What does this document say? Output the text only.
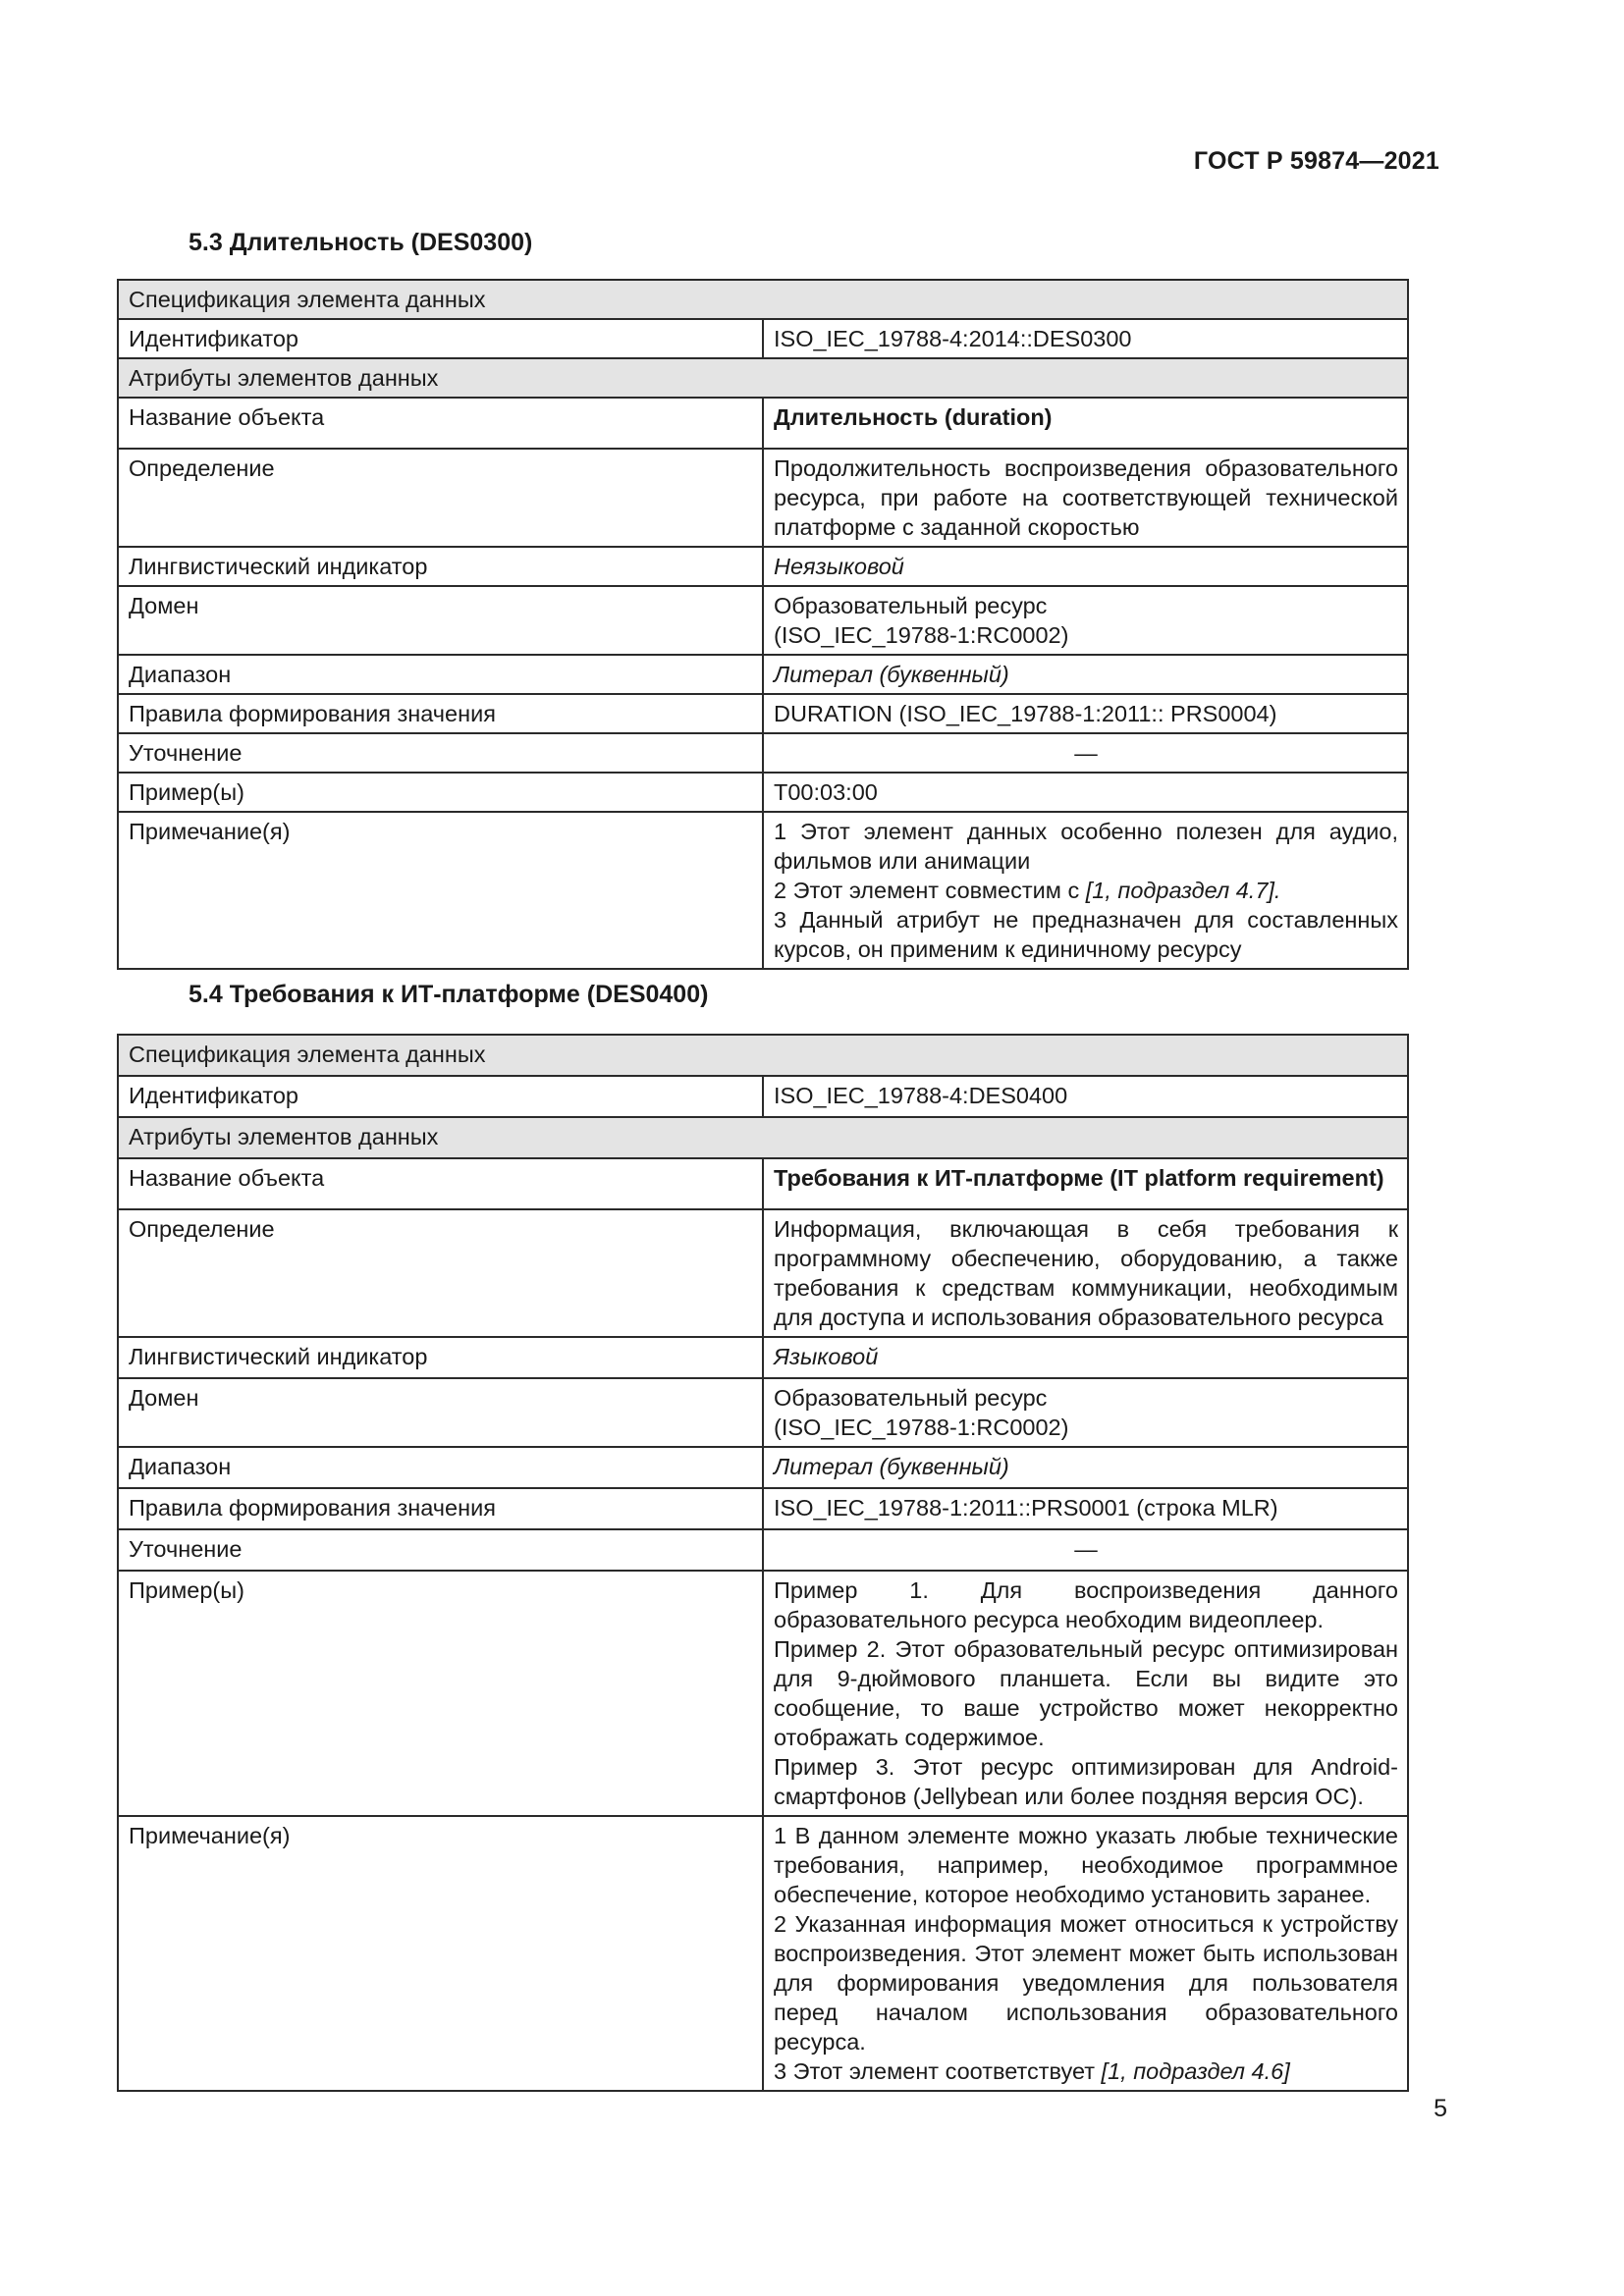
ГОСТ Р 59874—2021
5.3 Длительность (DES0300)
Спецификация элемента данных	
Идентификатор	ISO_IEC_19788-4:2014::DES0300
Атрибуты элементов данных	
Название объекта	Длительность (duration)
Определение	Продолжительность воспроизведения образовательного ресурса, при работе на соответствующей технической платформе с заданной скоростью
Лингвистический индикатор	Неязыковой
Домен	Образовательный ресурс
(ISO_IEC_19788-1:RC0002)

Диапазон	Литерал (буквенный)
Правила формирования значения	DURATION (ISO_IEC_19788-1:2011:: PRS0004)
Уточнение	—
Пример(ы)	Т00:03:00
Примечание(я)	1 Этот элемент данных особенно полезен для аудио, фильмов или анимации
2 Этот элемент совместим с [1, подраздел 4.7].
3 Данный атрибут не предназначен для составленных курсов, он применим к единичному ресурсу
5.4 Требования к ИТ-платформе (DES0400)
Спецификация элемента данных	
Идентификатор	ISO_IEC_19788-4:DES0400
Атрибуты элементов данных	
Название объекта	Требования к ИТ-платформе (IT platform requirement)
Определение	Информация, включающая в себя требования к программному обеспечению, оборудованию, а также требования к средствам коммуникации, необходимым для доступа и использования образовательного ресурса
Лингвистический индикатор	Языковой
Домен	Образовательный ресурс
(ISO_IEC_19788-1:RC0002)

Диапазон	Литерал (буквенный)
Правила формирования значения	ISO_IEC_19788-1:2011::PRS0001 (строка MLR)
Уточнение	—
Пример(ы)	Пример 1. Для воспроизведения данного образовательного ресурса необходим видеоплеер.
Пример 2. Этот образовательный ресурс оптимизирован для 9-дюймового планшета. Если вы видите это сообщение, то ваше устройство может некорректно отображать содержимое.
Пример 3. Этот ресурс оптимизирован для Android-смартфонов (Jellybean или более поздняя версия ОС).

Примечание(я)	1 В данном элементе можно указать любые технические требования, например, необходимое программное обеспечение, которое необходимо установить заранее.
2 Указанная информация может относиться к устройству воспроизведения. Этот элемент может быть использован для формирования уведомления для пользователя перед началом использования образовательного ресурса.
3 Этот элемент соответствует [1, подраздел 4.6]
5
